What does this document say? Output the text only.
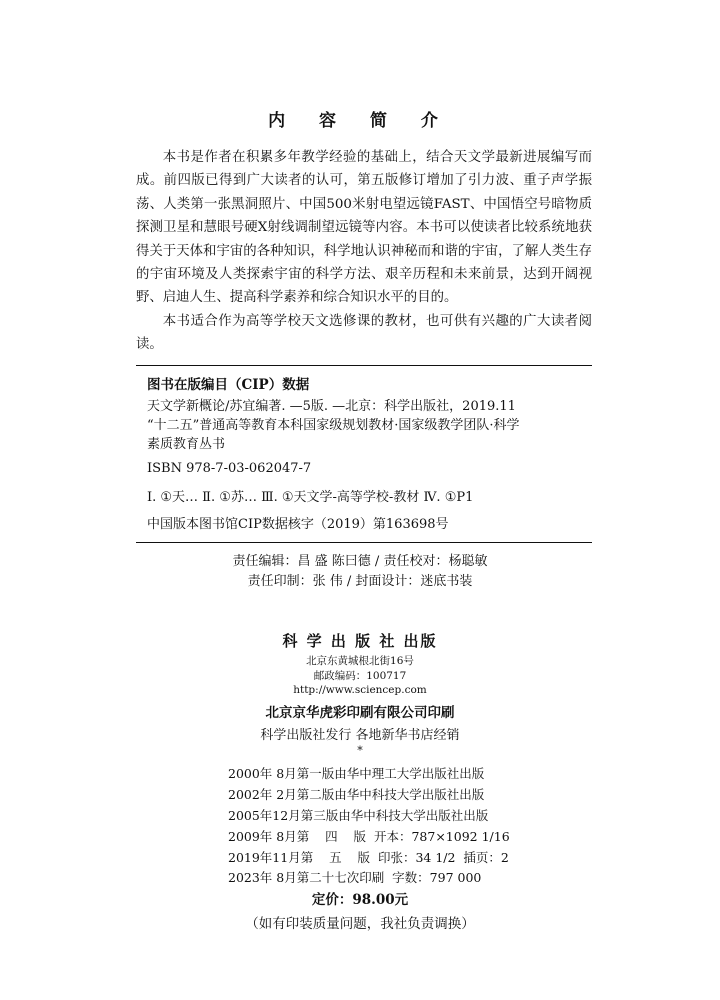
内 容 简 介

本书是作者在积累多年教学经验的基础上，结合天文学最新进展编写而成。前四版已得到广大读者的认可，第五版修订增加了引力波、重子声学振荡、人类第一张黑洞照片、中国500米射电望远镜FAST、中国悟空号暗物质探测卫星和慧眼号硬X射线调制望远镜等内容。本书可以使读者比较系统地获得关于天体和宇宙的各种知识，科学地认识神秘而和谐的宇宙，了解人类生存的宇宙环境及人类探索宇宙的科学方法、艰辛历程和未来前景，达到开阔视野、启迪人生、提高科学素养和综合知识水平的目的。

本书适合作为高等学校天文选修课的教材，也可供有兴趣的广大读者阅读。

图书在版编目（CIP）数据
天文学新概论/苏宜编著. —5版. —北京：科学出版社，2019.11
“十二五”普通高等教育本科国家级规划教材·国家级教学团队·科学
素质教育丛书
ISBN 978-7-03-062047-7
Ⅰ. ①天… Ⅱ. ①苏… Ⅲ. ①天文学-高等学校-教材 Ⅳ. ①P1
中国版本图书馆CIP数据核字（2019）第163698号
责任编辑：昌 盛 陈曰德 / 责任校对：杨聪敏
责任印制：张 伟 / 封面设计：迷底书装
科 学 出 版 社 出版
北京东黄城根北街16号
邮政编码：100717
http://www.sciencep.com
北京京华虎彩印刷有限公司印刷
科学出版社发行 各地新华书店经销
*
2000年 8月第一版由华中理工大学出版社出版
2002年 2月第二版由华中科技大学出版社出版
2005年12月第三版由华中科技大学出版社出版
2009年 8月第    四    版  开本：787×1092 1/16
2019年11月第    五    版  印张：34 1/2  插页：2
2023年 8月第二十七次印刷  字数：797 000
定价：98.00元
（如有印装质量问题，我社负责调换）
